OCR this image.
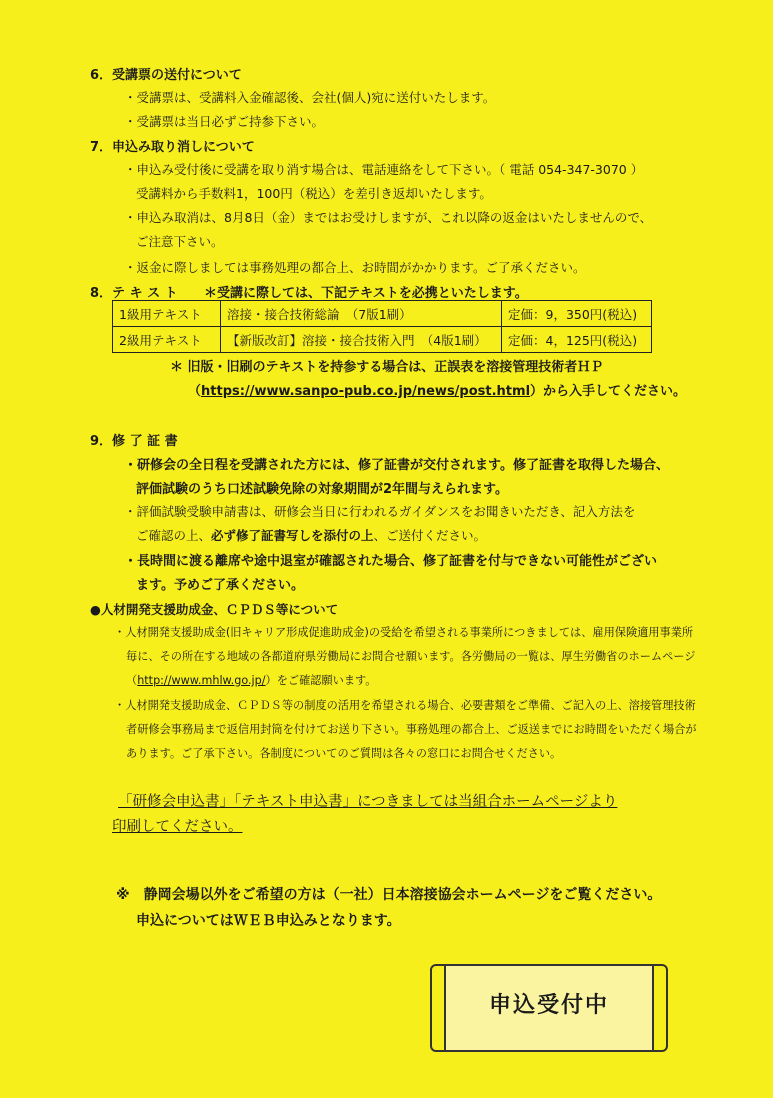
6．受講票の送付について
・受講票は、受講料入金確認後、会社(個人)宛に送付いたします。
・受講票は当日必ずご持参下さい。
7．申込み取り消しについて
・申込み受付後に受講を取り消す場合は、電話連絡をして下さい。（ 電話 054-347-3070 ）
受講料から手数料1，100円（税込）を差引き返却いたします。
・申込み取消は、8月8日（金）まではお受けしますが、これ以降の返金はいたしませんので、
ご注意下さい。
・返金に際しましては事務処理の都合上、お時間がかかります。ご了承ください。
8．テ キ ス ト ＊受講に際しては、下記テキストを必携といたします。
1級用テキスト	溶接・接合技術総論　（7版1刷）	定価：9，350円(税込)
2級用テキスト	【新版改訂】溶接・接合技術入門　（4版1刷）	定価：4，125円(税込)
＊ 旧版・旧刷のテキストを持参する場合は、正誤表を溶接管理技術者ＨＰ
（https://www.sanpo-pub.co.jp/news/post.html）から入手してください。
9．修 了 証 書
・研修会の全日程を受講された方には、修了証書が交付されます。修了証書を取得した場合、
評価試験のうち口述試験免除の対象期間が2年間与えられます。
・評価試験受験申請書は、研修会当日に行われるガイダンスをお聞きいただき、記入方法を
ご確認の上、必ず修了証書写しを添付の上、ご送付ください。
・長時間に渡る離席や途中退室が確認された場合、修了証書を付与できない可能性がござい
ます。予めご了承ください。
●人材開発支援助成金、ＣＰＤＳ等について
・人材開発支援助成金(旧キャリア形成促進助成金)の受給を希望される事業所につきましては、雇用保険適用事業所
毎に、その所在する地域の各都道府県労働局にお問合せ願います。各労働局の一覧は、厚生労働省のホームページ
（http://www.mhlw.go.jp/）をご確認願います。
・人材開発支援助成金、ＣＰＤＳ等の制度の活用を希望される場合、必要書類をご準備、ご記入の上、溶接管理技術
者研修会事務局まで返信用封筒を付けてお送り下さい。事務処理の都合上、ご返送までにお時間をいただく場合が
あります。ご了承下さい。各制度についてのご質問は各々の窓口にお問合せください。
「研修会申込書」「テキスト申込書」につきましては当組合ホームページより
印刷してください。
※　静岡会場以外をご希望の方は（一社）日本溶接協会ホームページをご覧ください。
申込についてはＷＥＢ申込みとなります。
申込受付中
